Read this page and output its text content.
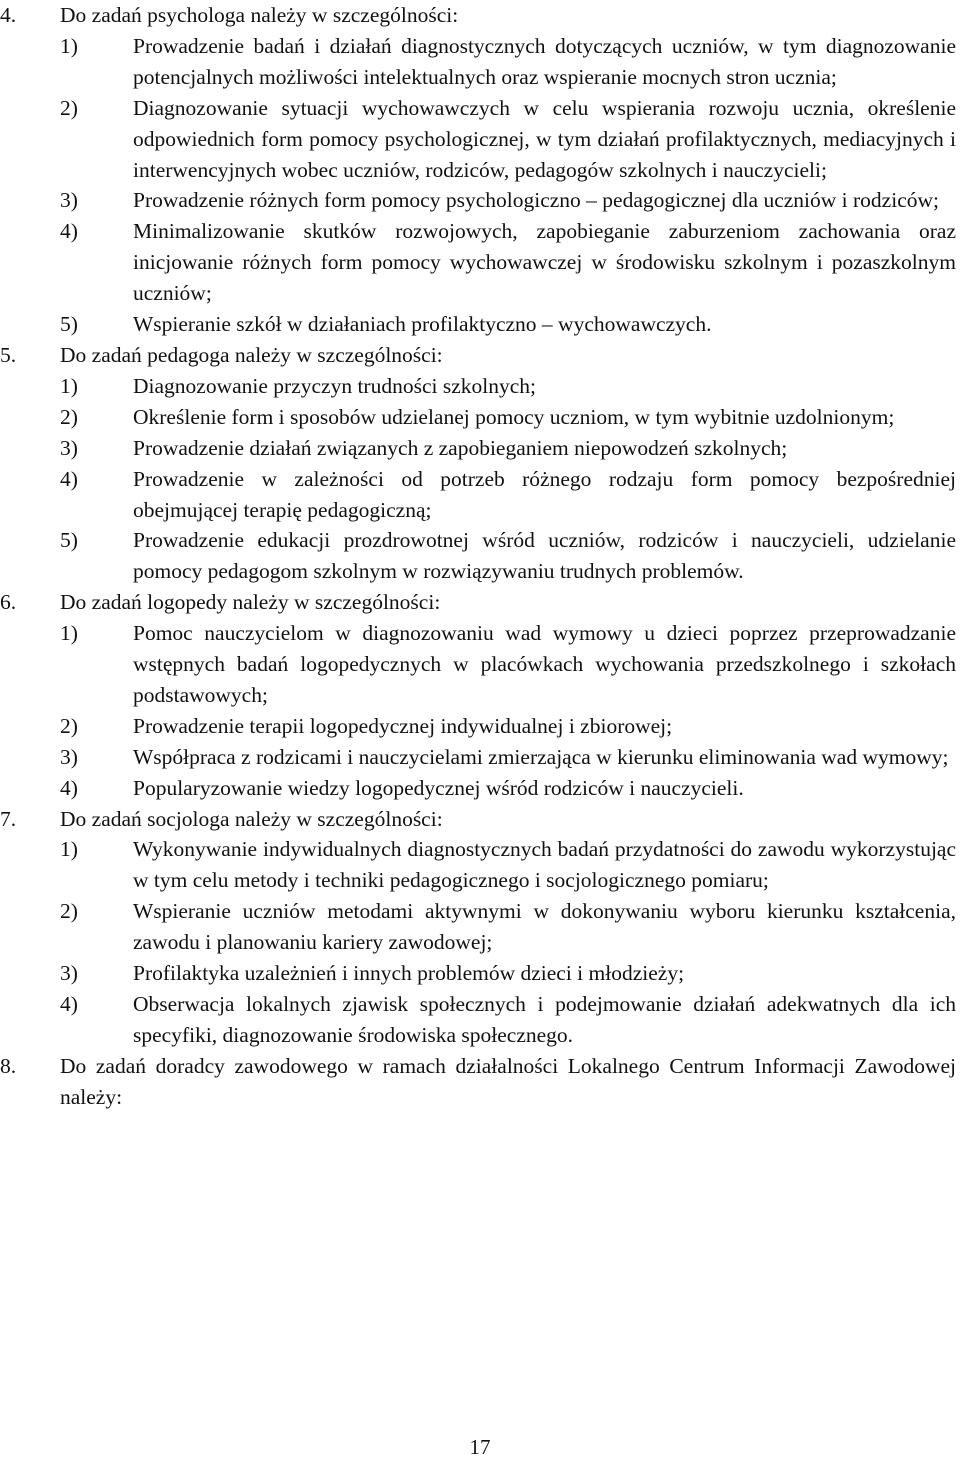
4. Do zadań psychologa należy w szczególności:
1)	Prowadzenie badań i działań diagnostycznych dotyczących uczniów, w tym diagnozowanie potencjalnych możliwości intelektualnych oraz wspieranie mocnych stron ucznia;
2)	Diagnozowanie sytuacji wychowawczych w celu wspierania rozwoju ucznia, określenie odpowiednich form pomocy psychologicznej, w tym działań profilaktycznych, mediacyjnych i interwencyjnych wobec uczniów, rodziców, pedagogów szkolnych i nauczycieli;
3)	Prowadzenie różnych form pomocy psychologiczno – pedagogicznej dla uczniów i rodziców;
4)	Minimalizowanie skutków rozwojowych, zapobieganie zaburzeniom zachowania oraz inicjowanie różnych form pomocy wychowawczej w środowisku szkolnym i pozaszkolnym uczniów;
5)	Wspieranie szkół w działaniach profilaktyczno – wychowawczych.
5. Do zadań pedagoga należy w szczególności:
1)	Diagnozowanie przyczyn trudności szkolnych;
2)	Określenie form i sposobów udzielanej pomocy uczniom, w tym wybitnie uzdolnionym;
3)	Prowadzenie działań związanych z zapobieganiem niepowodzeń szkolnych;
4)	Prowadzenie w zależności od potrzeb różnego rodzaju form pomocy bezpośredniej obejmującej terapię pedagogiczną;
5)	Prowadzenie edukacji prozdrowotnej wśród uczniów, rodziców i nauczycieli, udzielanie pomocy pedagogom szkolnym w rozwiązywaniu trudnych problemów.
6. Do zadań logopedy należy w szczególności:
1)	Pomoc nauczycielom w diagnozowaniu wad wymowy u dzieci poprzez przeprowadzanie wstępnych badań logopedycznych w placówkach wychowania przedszkolnego i szkołach podstawowych;
2)	Prowadzenie terapii logopedycznej indywidualnej i zbiorowej;
3)	Współpraca z rodzicami i nauczycielami zmierzająca w kierunku eliminowania wad wymowy;
4)	Popularyzowanie wiedzy logopedycznej wśród rodziców i nauczycieli.
7. Do zadań socjologa należy w szczególności:
1)	Wykonywanie indywidualnych diagnostycznych badań przydatności do zawodu wykorzystując w tym celu metody i techniki pedagogicznego i socjologicznego pomiaru;
2)	Wspieranie uczniów metodami aktywnymi w dokonywaniu wyboru kierunku kształcenia, zawodu i planowaniu kariery zawodowej;
3)	Profilaktyka uzależnień i innych problemów dzieci i młodzieży;
4)	Obserwacja lokalnych zjawisk społecznych i podejmowanie działań adekwatnych dla ich specyfiki, diagnozowanie środowiska społecznego.
8. Do zadań doradcy zawodowego w ramach działalności Lokalnego Centrum Informacji Zawodowej należy:
17
